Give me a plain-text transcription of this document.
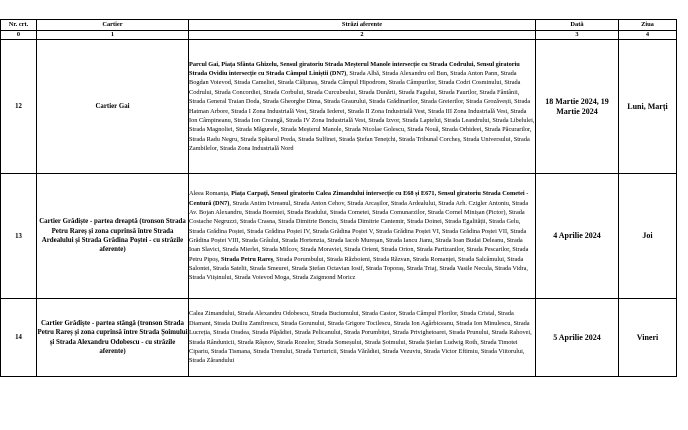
Nr. crt.	Cartier	Străzi aferente	Dată	Ziua
0	1	2	3	4
12	Cartier Gai	Parcul Gai, Piața Sfânta Ghizelu, Sensul giratoriu Strada Meșterul Manole intersecție cu Strada Codrului, Sensul giratoriu Strada Ovidiu intersecție cu Strada Câmpul Liniștii (DN7), Strada Albă, Strada Alexandru cel Bun, Strada Anton Pann, Strada Bogdan Voievod, Strada Cameliei, Strada Călțunaș, Strada Câmpul Hipodrom, Strada Câmpurilor, Strada Codri Cosminului, Strada Codrului, Strada Concordiei, Strada Corbului, Strada Curcubeului, Strada Dunării, Strada Fagului, Strada Faurilor, Strada Fântânii, Strada General Traian Doda, Strada Gheorghe Dima, Strada Graurului, Strada Grădinarilor, Strada Greierilor, Strada Grozăvești, Strada Hatman Arbore, Strada I Zona Industrială Vest, Strada Iederei, Strada II Zona Industrială Vest, Strada III Zona Industrială Vest, Strada Ion Câmpineanu, Strada Ion Creangă, Strada IV Zona Industrială Vest, Strada Izvor, Strada Laptelui, Strada Leandrului, Strada Libelulei, Strada Magnoliei, Strada Măgurele, Strada Meșterul Manole, Strada Nicolae Golescu, Strada Nouă, Strada Orhideei, Strada Păcurarilor, Strada Radu Negru, Strada Spătarul Preda, Strada Sulfinei, Strada Ștefan Tenețchi, Strada Tribunal Corcheș, Strada Universului, Strada Zambilelor, Strada Zona Industrială Nord	18 Martie 2024, 19 Martie 2024	Luni, Marți
13	Cartier Grădiște - partea dreaptă (tronson Strada Petru Rareș și zona cuprinsă între Strada Ardealului și Strada Grădina Poștei - cu străzile aferente)	Aleea Romanța, Piața Carpați, Sensul giratoriu Calea Zimandului intersecție cu E68 și E671, Sensul giratoriu Strada Cometei - Centură (DN7), Strada Antim Ivireanul, Strada Anton Cehov, Strada Arcașilor, Strada Ardealului, Strada Arh. Czigler Antoniu, Strada Av. Bojan Alexandru, Strada Boemiei, Strada Bradului, Strada Cometei, Strada Comunarzilor, Strada Cornel Minișan (Pictor), Strada Costache Negruzzi, Strada Crasna, Strada Dimitrie Bonciu, Strada Dimitrie Cantemir, Strada Doinei, Strada Egalității, Strada Gelu, Strada Grădina Poștei, Strada Grădina Poștei IV, Strada Grădina Poștei V, Strada Grădina Poștei VI, Strada Grădina Poștei VII, Strada Grădina Poștei VIII, Strada Grâului, Strada Hortenzia, Strada Iacob Mureșan, Strada Iancu Jianu, Strada Ioan Budai Deleanu, Strada Ioan Slavici, Strada Mierlei, Strada Milcov, Strada Moraviei, Strada Orient, Strada Orion, Strada Partizanilor, Strada Pescarilor, Strada Petru Pipoș, Strada Petru Rareș, Strada Porumbului, Strada Războieni, Strada Răzvan, Strada Romanței, Strada Salcâmului, Strada Salontei, Strada Satelit, Strada Smeurei, Strada Ștefan Octavian Iosif, Strada Toporaș, Strada Triaj, Strada Vasile Necula, Strada Vidra, Strada Viișinului, Strada Voievod Moga, Strada Zsigmond Moricz	4 Aprilie 2024	Joi
14	Cartier Grădiște - partea stângă (tronson Strada Petru Rareș și zona cuprinsă între Strada Șoimului și Strada Alexandru Odobescu - cu străzile aferente)	Calea Zimandului, Strada Alexandru Odobescu, Strada Buciumului, Strada Castor, Strada Câmpul Florilor, Strada Cristal, Strada Diamant, Strada Duiliu Zamfirescu, Strada Gorunului, Strada Grigore Tocilescu, Strada Ion Agârbiceanu, Strada Ion Minulescu, Strada Lucreția, Strada Oradea, Strada Păpădiei, Strada Pelicanului, Strada Porumbiței, Strada Privighetoarei, Strada Prunului, Strada Rahovei, Strada Rândunicii, Strada Râșnov, Strada Rozelor, Strada Someșului, Strada Șoimului, Strada Ștefan Ludwig Roth, Strada Timotei Cipariu, Strada Tismana, Strada Trenului, Strada Turturicii, Strada Vărădiei, Strada Vezuviu, Strada Victor Eftimiu, Strada Viitorului, Strada Zărandului	5 Aprilie 2024	Vineri
